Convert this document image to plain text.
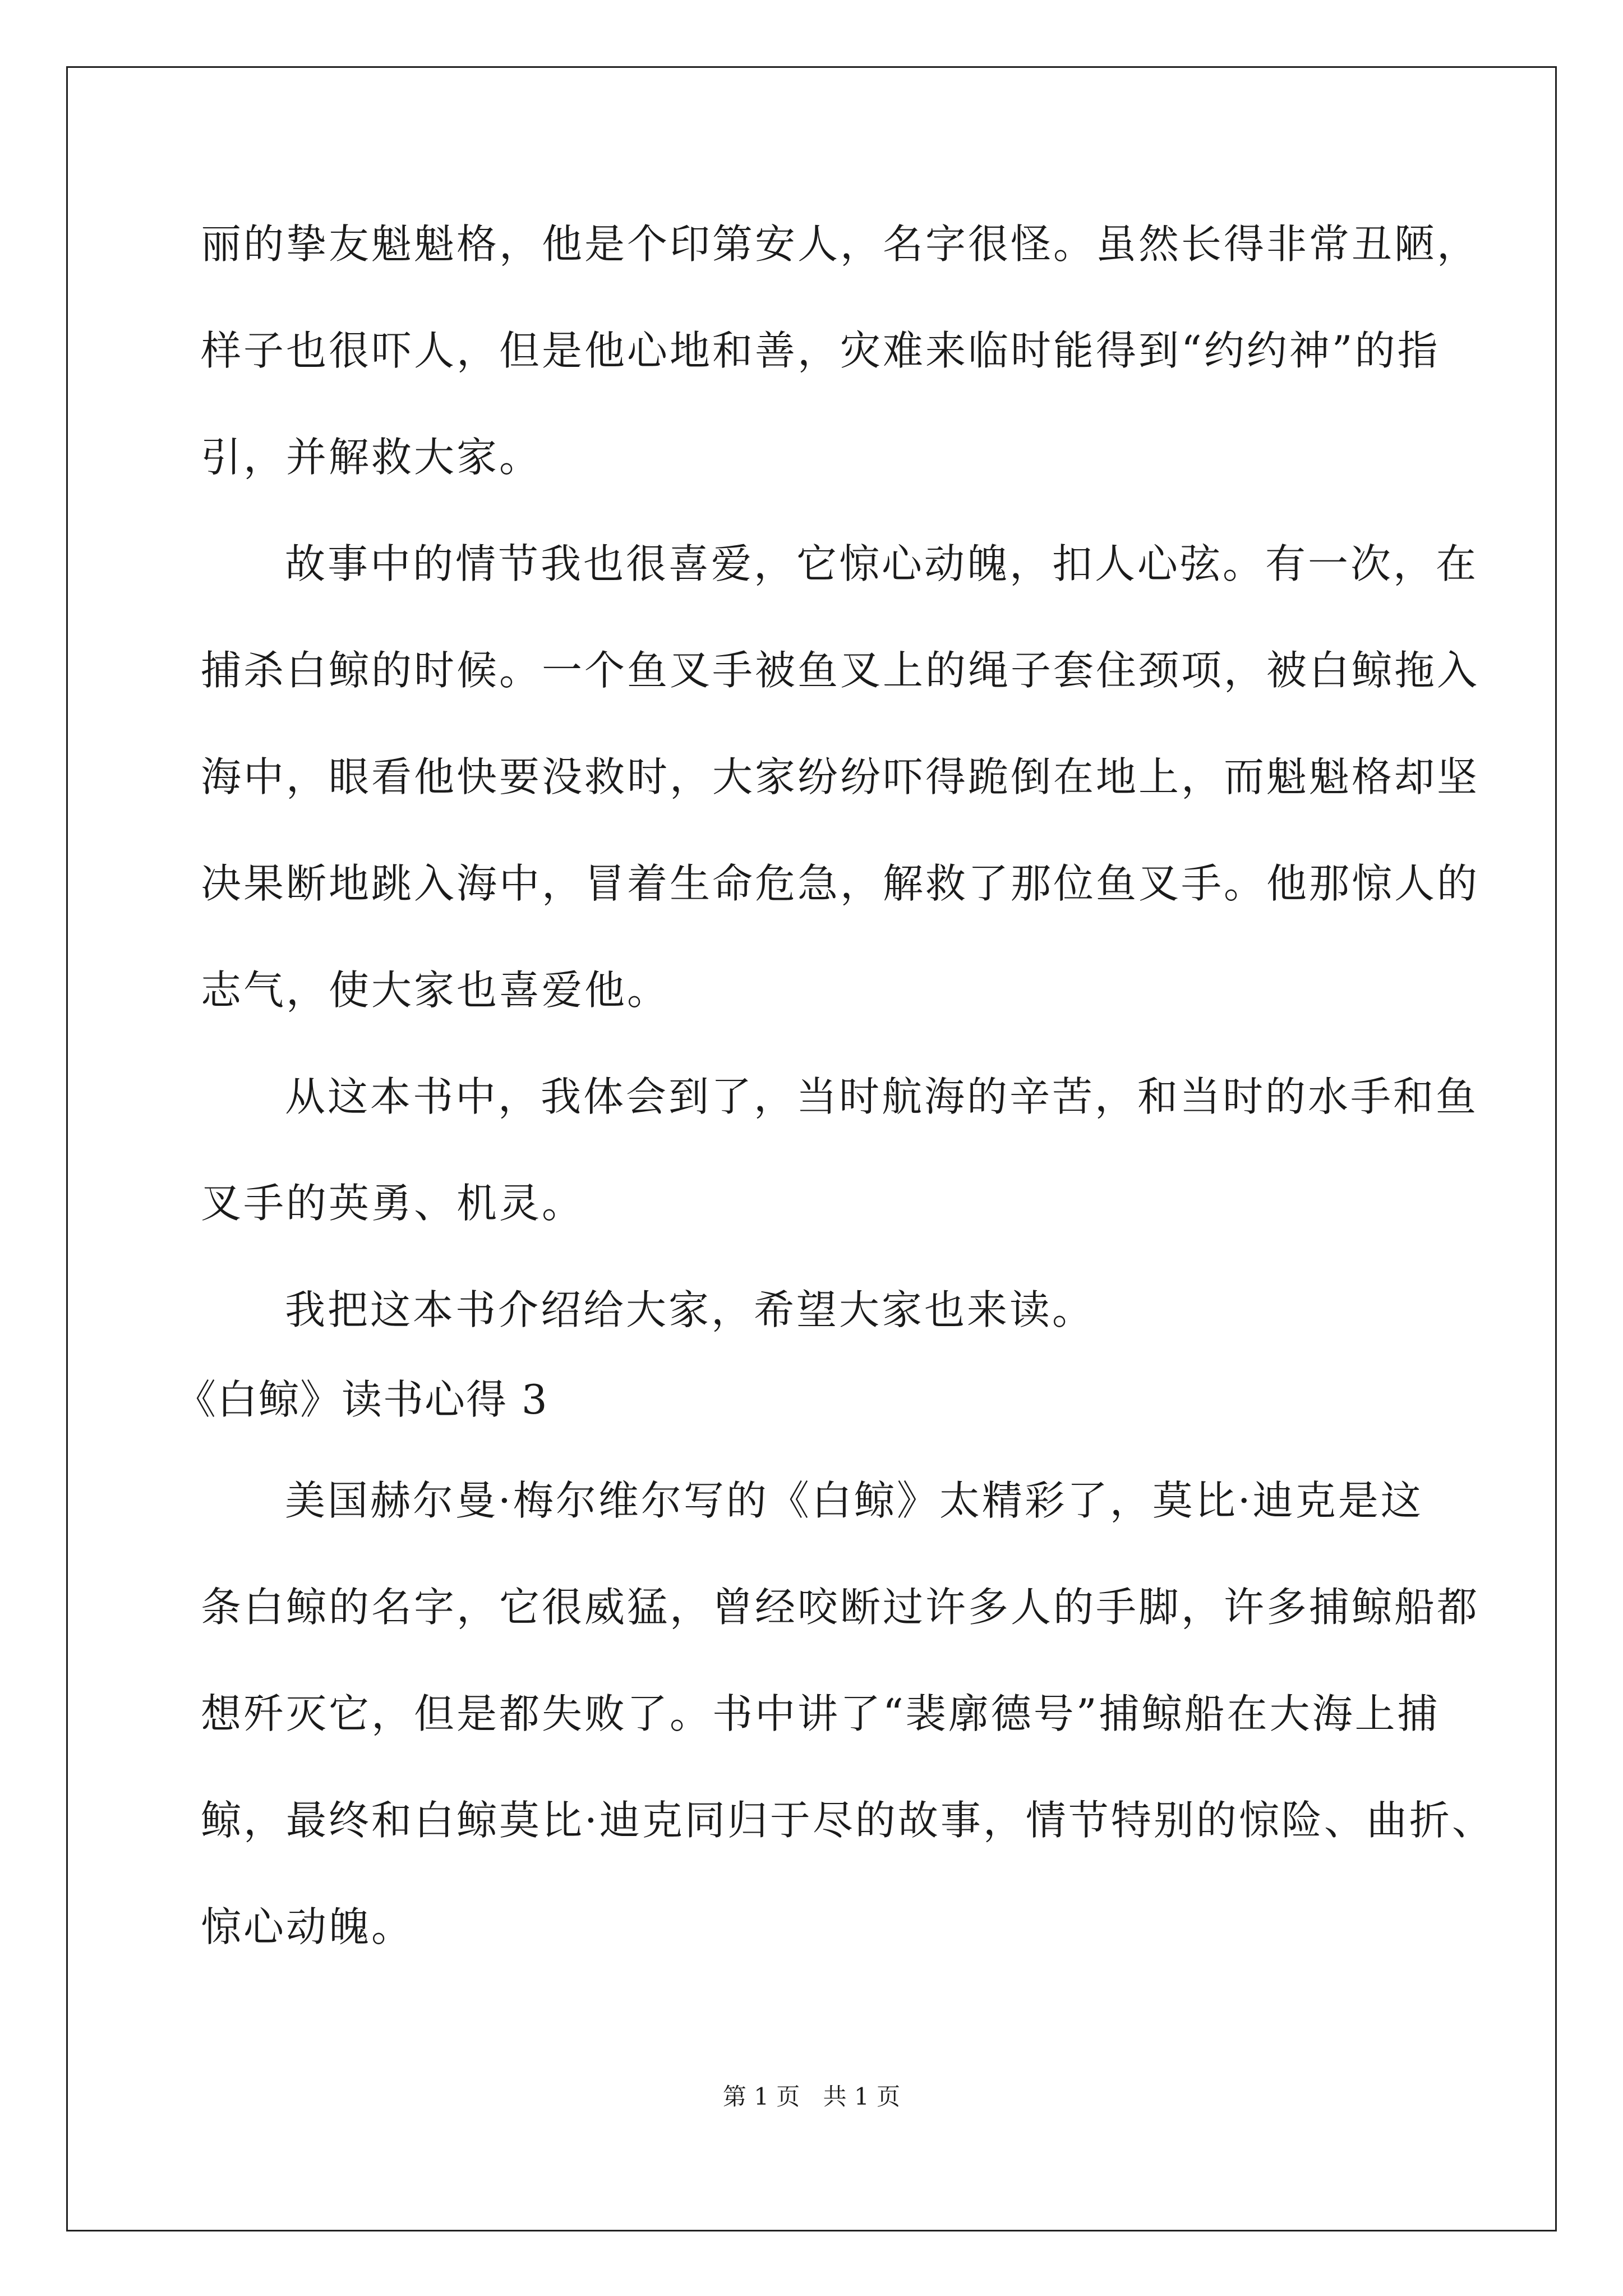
丽的挚友魁魁格，他是个印第安人，名字很怪。虽然长得非常丑陋，
样子也很吓人，但是他心地和善，灾难来临时能得到“约约神”的指
引，并解救大家。
故事中的情节我也很喜爱，它惊心动魄，扣人心弦。有一次，在
捕杀白鲸的时候。一个鱼叉手被鱼叉上的绳子套住颈项，被白鲸拖入
海中，眼看他快要没救时，大家纷纷吓得跪倒在地上，而魁魁格却坚
决果断地跳入海中，冒着生命危急，解救了那位鱼叉手。他那惊人的
志气，使大家也喜爱他。
从这本书中，我体会到了，当时航海的辛苦，和当时的水手和鱼
叉手的英勇、机灵。
我把这本书介绍给大家，希望大家也来读。
《白鲸》读书心得 3
美国赫尔曼·梅尔维尔写的《白鲸》太精彩了，莫比·迪克是这
条白鲸的名字，它很威猛，曾经咬断过许多人的手脚，许多捕鲸船都
想歼灭它，但是都失败了。书中讲了“裴廓德号”捕鲸船在大海上捕
鲸，最终和白鲸莫比·迪克同归于尽的故事，情节特别的惊险、曲折、
惊心动魄。
第 1 页 共 1 页
